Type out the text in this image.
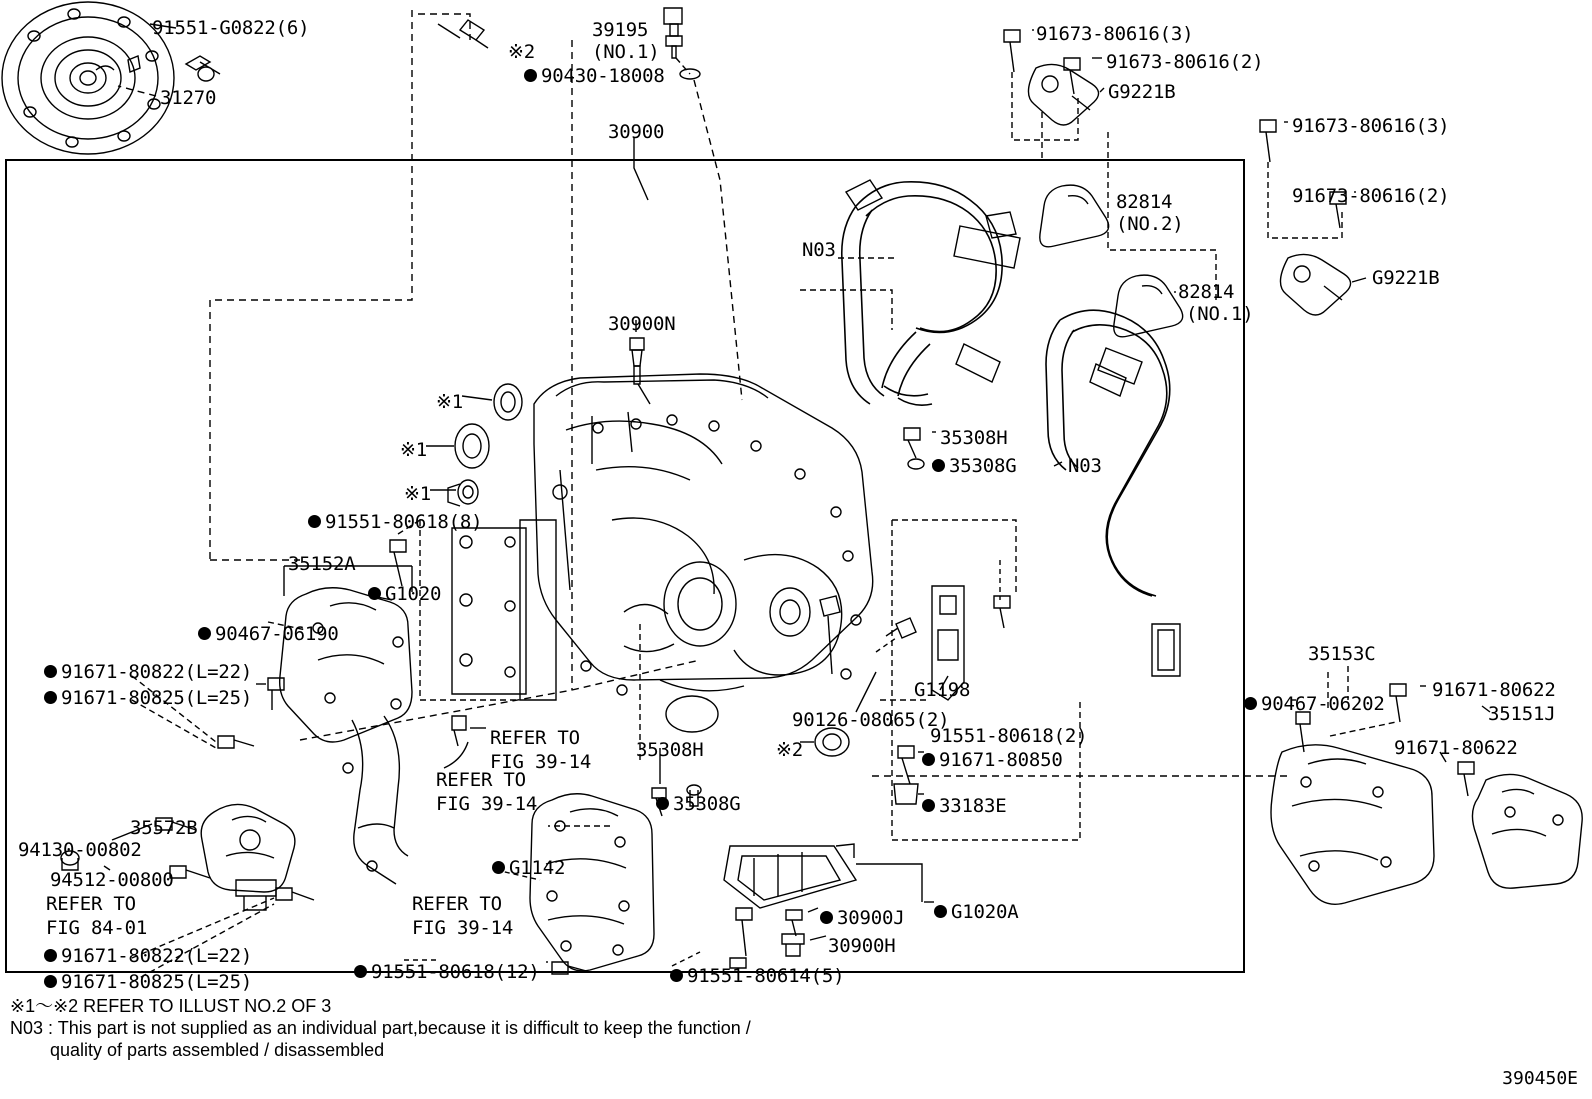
91551-G0822(6)
31270
※2
39195
(NO.1)
90430-18008
30900
91673-80616(3)
91673-80616(2)
G9221B
91673-80616(3)
91673-80616(2)
82814
(NO.2)
N03
G9221B
82814
(NO.1)
30900N
※1
※1
※1
35308H
35308G	N03
91551-80618(8)
35152A
G1020
90467-06190
35153C
91671-80822(L=22)
91671-80825(L=25)	90467-06202
91671-80622
35151J
G1198
90126-08065(2)
91551-80618(2)
91671-80622
REFER TO
FIG 39-14
35308H	※2	91671-80850
REFER TO
FIG 39-14	35308G	33183E
35572B
94130-00802
94512-00800
G1142
REFER TO
FIG 84-01
REFER TO
FIG 39-14	30900J	G1020A
30900H
91671-80822(L=22)
91671-80825(L=25)	91551-80618(12)	91551-80614(5)
※1～※2 REFER TO ILLUST NO.2 OF 3
N03 : This part is not supplied as an individual part,because it is difficult to keep the function /
quality of parts assembled / disassembled
390450E
